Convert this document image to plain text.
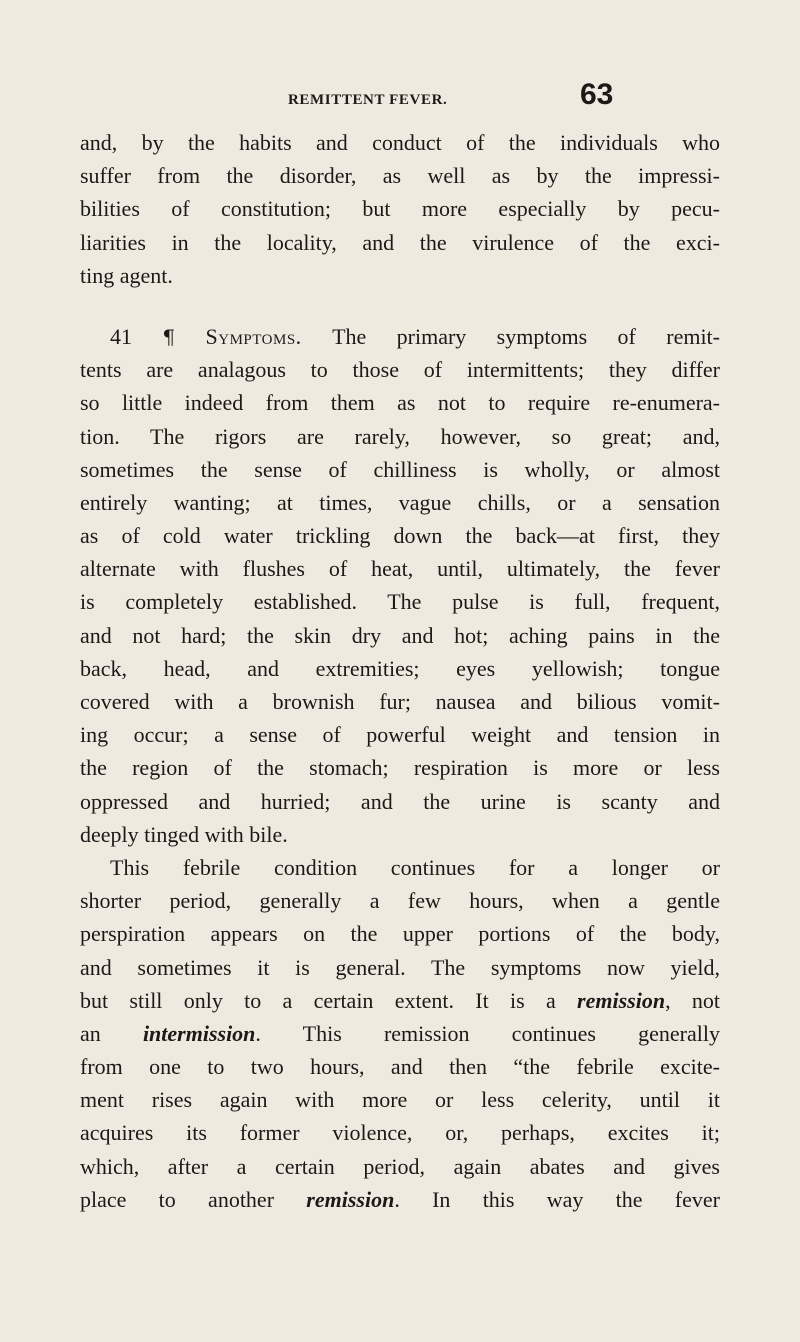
REMITTENT FEVER.	63
and, by the habits and conduct of the individuals who
suffer from the disorder, as well as by the impressi-
bilities of constitution; but more especially by pecu-
liarities in the locality, and the virulence of the exci-
ting agent.
41 ¶ Symptoms. The primary symptoms of remit-
tents are analagous to those of intermittents; they differ
so little indeed from them as not to require re-enumera-
tion. The rigors are rarely, however, so great; and,
sometimes the sense of chilliness is wholly, or almost
entirely wanting; at times, vague chills, or a sensation
as of cold water trickling down the back—at first, they
alternate with flushes of heat, until, ultimately, the fever
is completely established. The pulse is full, frequent,
and not hard; the skin dry and hot; aching pains in the
back, head, and extremities; eyes yellowish; tongue
covered with a brownish fur; nausea and bilious vomit-
ing occur; a sense of powerful weight and tension in
the region of the stomach; respiration is more or less
oppressed and hurried; and the urine is scanty and
deeply tinged with bile.
This febrile condition continues for a longer or
shorter period, generally a few hours, when a gentle
perspiration appears on the upper portions of the body,
and sometimes it is general. The symptoms now yield,
but still only to a certain extent. It is a remission, not
an intermission. This remission continues generally
from one to two hours, and then “the febrile excite-
ment rises again with more or less celerity, until it
acquires its former violence, or, perhaps, excites it;
which, after a certain period, again abates and gives
place to another remission. In this way the fever
